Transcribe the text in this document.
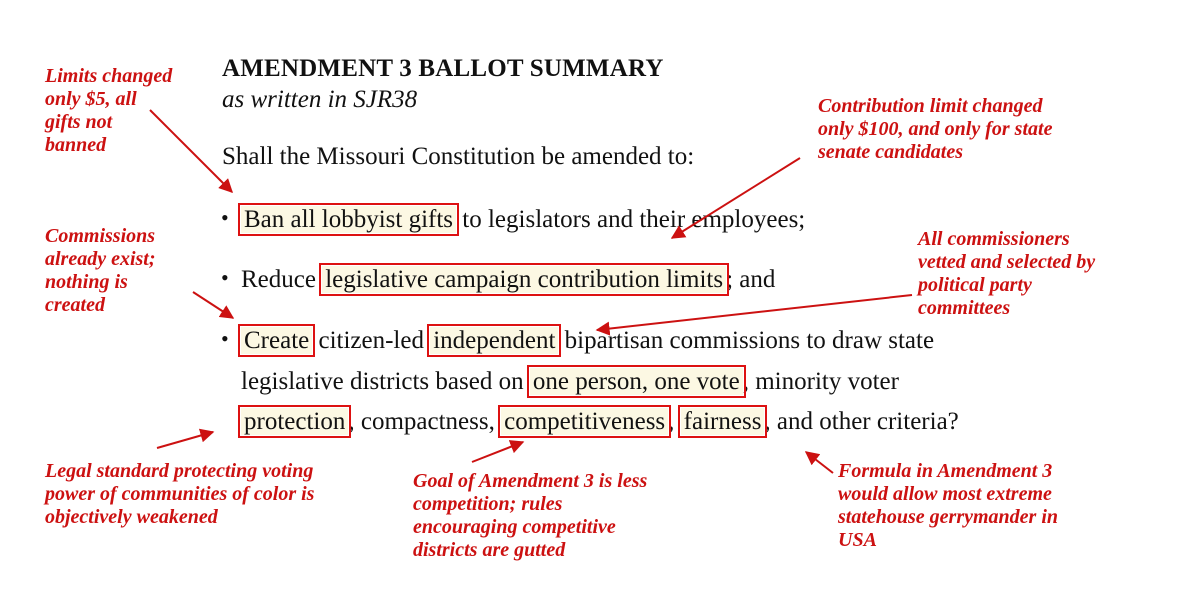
AMENDMENT 3 BALLOT SUMMARY
as written in SJR38
Shall the Missouri Constitution be amended to:
• Ban all lobbyist gifts to legislators and their employees;
• Reduce legislative campaign contribution limits ; and
• Create citizen-led independent bipartisan commissions to draw state
legislative districts based on one person, one vote , minority voter
protection , compactness, competitiveness , fairness , and other criteria?
Limits changed
only $5, all
gifts not
banned
Contribution limit changed
only $100, and only for state
senate candidates
Commissions
already exist;
nothing is
created
All commissioners
vetted and selected by
political party
committees
Legal standard protecting voting
power of communities of color is
objectively weakened
Goal of Amendment 3 is less
competition; rules
encouraging competitive
districts are gutted
Formula in Amendment 3
would allow most extreme
statehouse gerrymander in
USA
